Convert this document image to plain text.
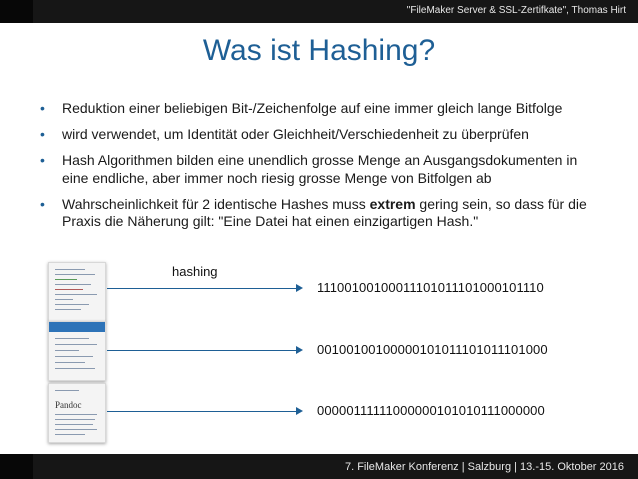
"FileMaker Server & SSL-Zertifkate", Thomas Hirt
Was ist Hashing?
• Reduktion einer beliebigen Bit-/Zeichenfolge auf eine immer gleich lange Bitfolge
• wird verwendet, um Identität oder Gleichheit/Verschiedenheit zu überprüfen
• Hash Algorithmen bilden eine unendlich grosse Menge an Ausgangsdokumenten in eine endliche, aber immer noch riesig grosse Menge von Bitfolgen ab
• Wahrscheinlichkeit für 2 identische Hashes muss extrem gering sein, so dass für die Praxis die Näherung gilt: "Eine Datei hat einen einzigartigen Hash."
hashing
Pandoc
11100100100011101011101000101110
00100100100000101011101011101000
00000111111000000101010111000000
7. FileMaker Konferenz | Salzburg | 13.-15. Oktober 2016
